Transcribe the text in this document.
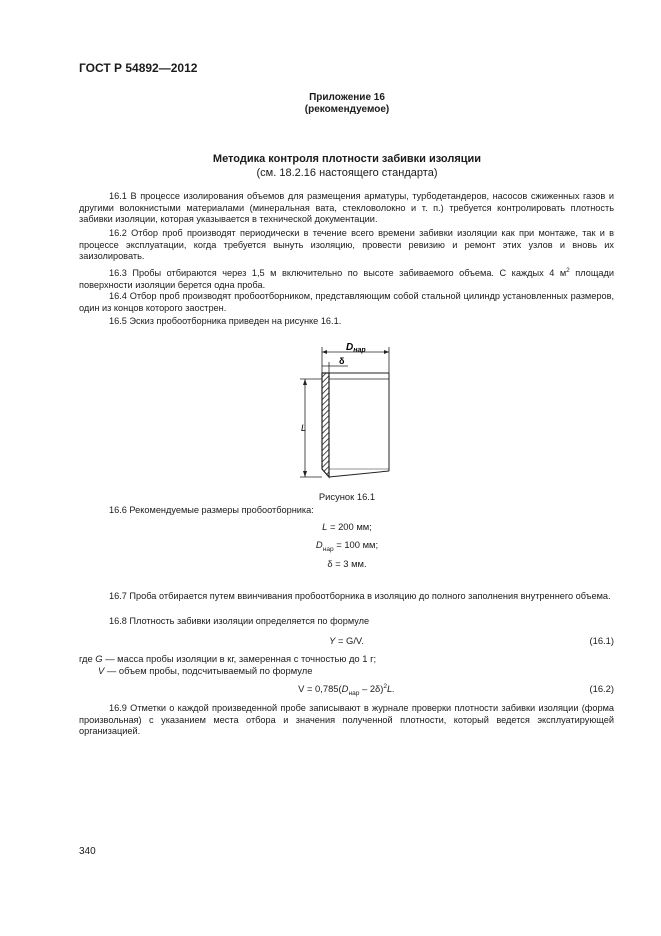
ГОСТ Р 54892—2012
Приложение 16
(рекомендуемое)
Методика контроля плотности забивки изоляции
(см. 18.2.16 настоящего стандарта)

16.1 В процессе изолирования объемов для размещения арматуры, турбодетандеров, насосов сжиженных газов и другими волокнистыми материалами (минеральная вата, стекловолокно и т. п.) требуется контролировать плотность забивки изоляции, которая указывается в технической документации.

16.2 Отбор проб производят периодически в течение всего времени забивки изоляции как при монтаже, так и в процессе эксплуатации, когда требуется вынуть изоляцию, провести ревизию и ремонт этих узлов и вновь их заизолировать.

16.3 Пробы отбираются через 1,5 м включительно по высоте забиваемого объема. С каждых 4 $м^2$ площади поверхности изоляции берется одна проба.

16.4 Отбор проб производят пробоотборником, представляющим собой стальной цилиндр установленных размеров, один из концов которого заострен.

16.5 Эскиз пробоотборника приведен на рисунке 16.1.

$D_{нар}$
δ
L
Рисунок 16.1

16.6 Рекомендуемые размеры пробоотборника:

L = 200 мм;
$D_{нар} = 100$ мм;
δ = 3 мм.

16.7 Проба отбирается путем ввинчивания пробоотборника в изоляцию до полного заполнения внутреннего объема.

16.8 Плотность забивки изоляции определяется по формуле

Y = G/V.	(16.1)
где G — масса пробы изоляции в кг, замеренная с точностью до 1 г;
V — объем пробы, подсчитываемый по формуле
$V = 0,785(D_{нар} - 2\delta)^2L$.	(16.2)

16.9 Отметки о каждой произведенной пробе записывают в журнале проверки плотности забивки изоляции (форма произвольная) с указанием места отбора и значения полученной плотности, который ведется эксплуатирующей организацией.

340
